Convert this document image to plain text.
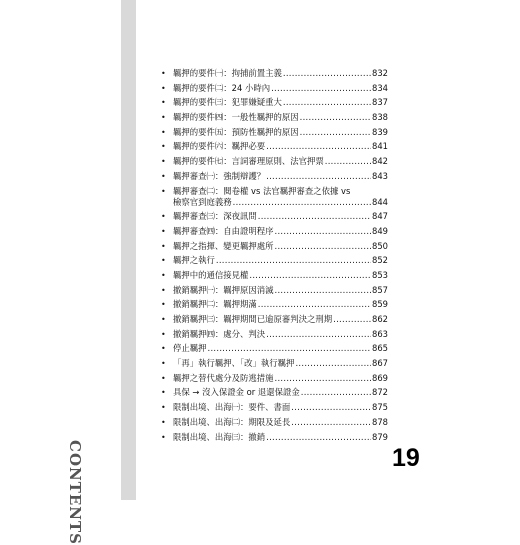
CONTENTS
• 羈押的要件㈠：拘捕前置主義 .....	832
• 羈押的要件㈡：24 小時內 .....	834
• 羈押的要件㈢：犯罪嫌疑重大 .....	837
• 羈押的要件㈣：一般性羈押的原因 .....	838
• 羈押的要件㈤：預防性羈押的原因 .....	839
• 羈押的要件㈥：羈押必要 .....	841
• 羈押的要件㈦：言詞審理原則、法官押票 .....	842
• 羈押審查㈠：強制辯護？ .....	843
• 羈押審查㈡：閱卷權 vs 法官羈押審查之依據 vs
檢察官到庭義務 .....	844
• 羈押審查㈢：深夜訊問 .....	847
• 羈押審查㈣：自由證明程序 .....	849
• 羈押之指揮、變更羈押處所 .....	850
• 羈押之執行 .....	852
• 羈押中的通信接見權 .....	853
• 撤銷羈押㈠：羈押原因消滅 .....	857
• 撤銷羈押㈡：羈押期滿 .....	859
• 撤銷羈押㈢：羈押期間已逾原審判決之刑期 .....	862
• 撤銷羈押㈣：處分、判決 .....	863
• 停止羈押 .....	865
• 「再」執行羈押、「改」執行羈押 .....	867
• 羈押之替代處分及防逃措施 .....	869
• 具保 → 沒入保證金 or 退還保證金 .....	872
• 限制出境、出海㈠：要件、書面 .....	875
• 限制出境、出海㈡：期限及延長 .....	878
• 限制出境、出海㈢：撤銷 .....	879
19
